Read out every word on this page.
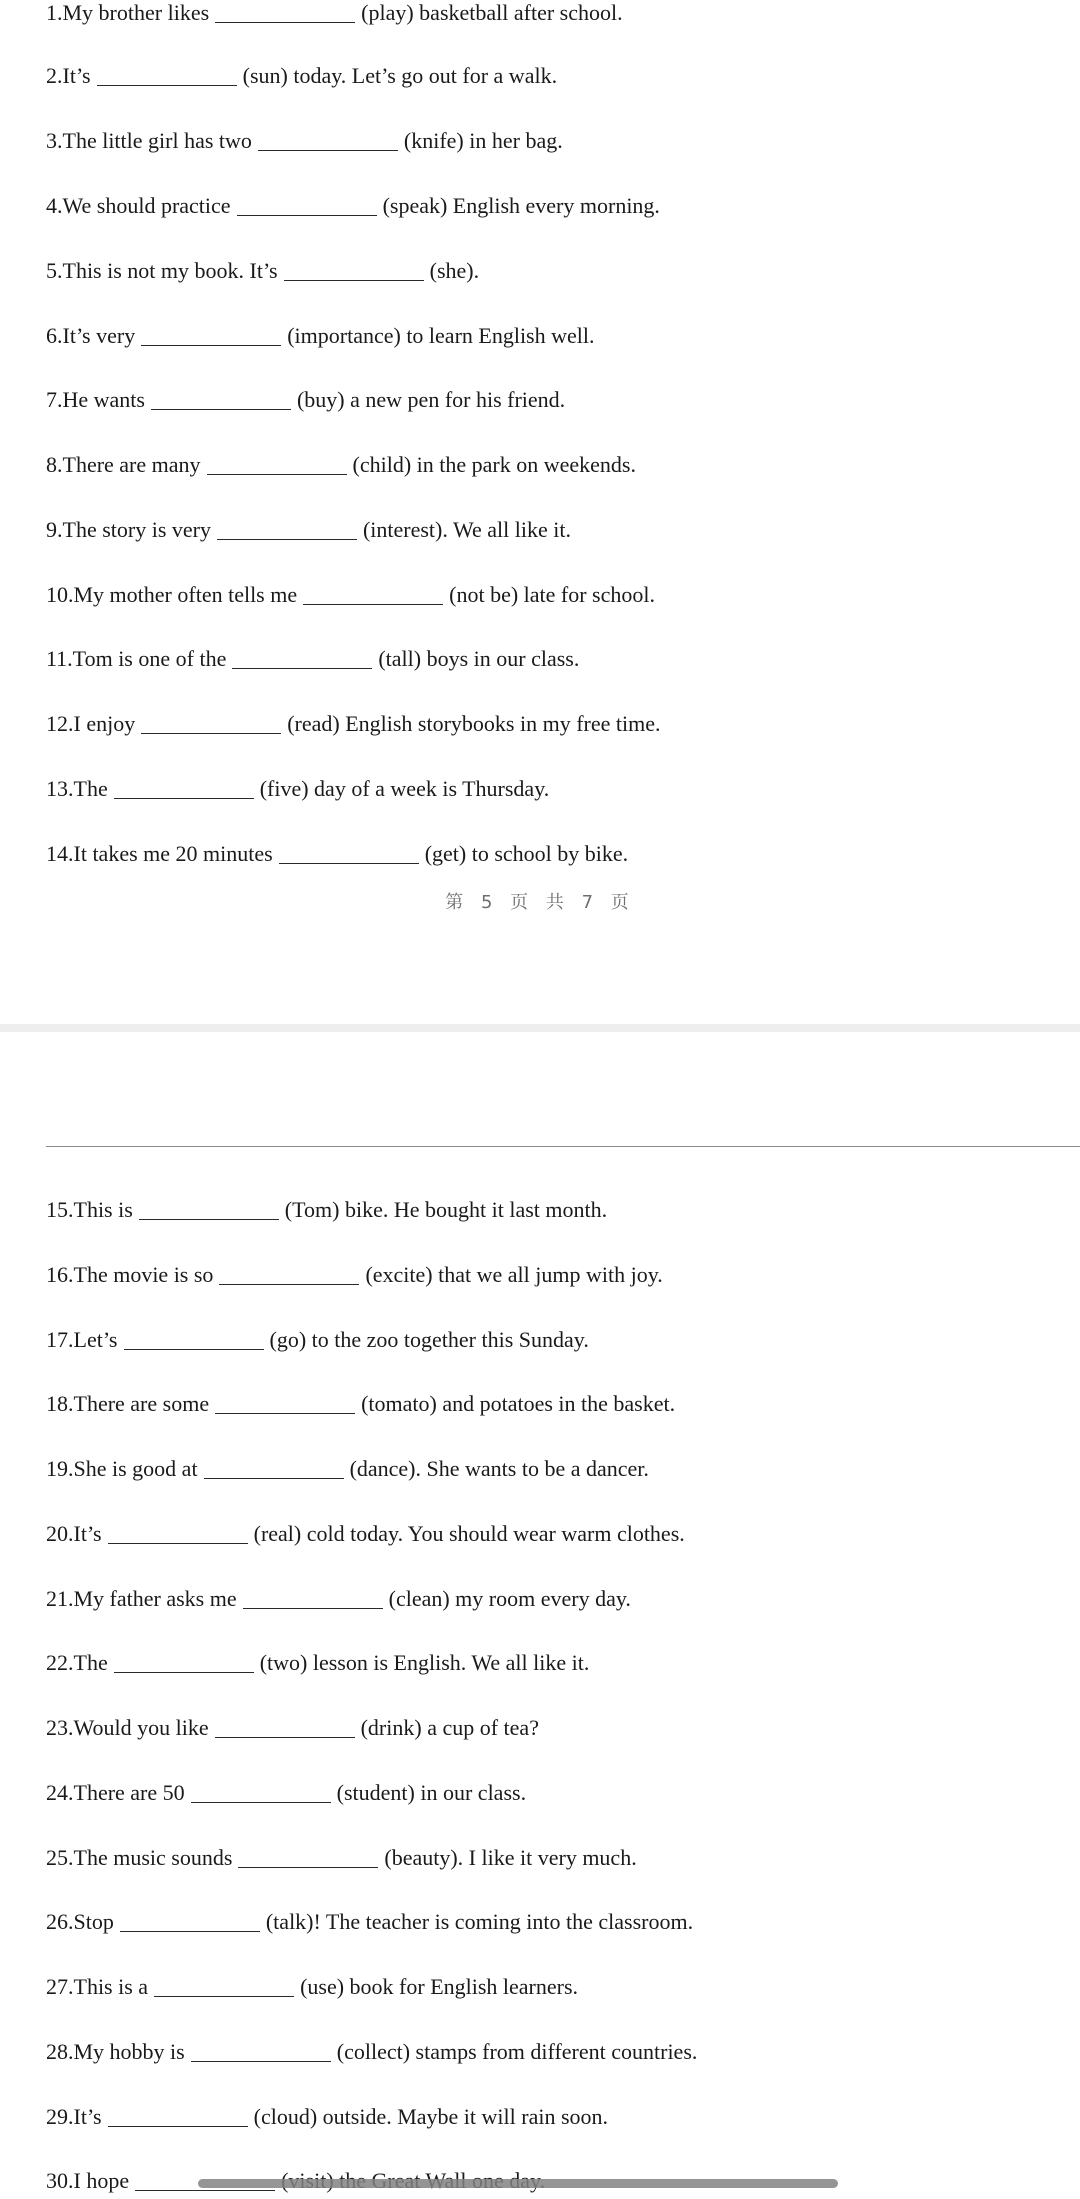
1.My brother likes	(play) basketball after school.
2.It’s	(sun) today. Let’s go out for a walk.
3.The little girl has two	(knife) in her bag.
4.We should practice	(speak) English every morning.
5.This is not my book. It’s	(she).
6.It’s very	(importance) to learn English well.
7.He wants	(buy) a new pen for his friend.
8.There are many	(child) in the park on weekends.
9.The story is very	(interest). We all like it.
10.My mother often tells me	(not be) late for school.
11.Tom is one of the	(tall) boys in our class.
12.I enjoy	(read) English storybooks in my free time.
13.The	(five) day of a week is Thursday.
14.It takes me 20 minutes	(get) to school by bike.
第 5 页 共 7 页
15.This is	(Tom) bike. He bought it last month.
16.The movie is so	(excite) that we all jump with joy.
17.Let’s	(go) to the zoo together this Sunday.
18.There are some	(tomato) and potatoes in the basket.
19.She is good at	(dance). She wants to be a dancer.
20.It’s	(real) cold today. You should wear warm clothes.
21.My father asks me	(clean) my room every day.
22.The	(two) lesson is English. We all like it.
23.Would you like	(drink) a cup of tea?
24.There are 50	(student) in our class.
25.The music sounds	(beauty). I like it very much.
26.Stop	(talk)! The teacher is coming into the classroom.
27.This is a	(use) book for English learners.
28.My hobby is	(collect) stamps from different countries.
29.It’s	(cloud) outside. Maybe it will rain soon.
30.I hope
